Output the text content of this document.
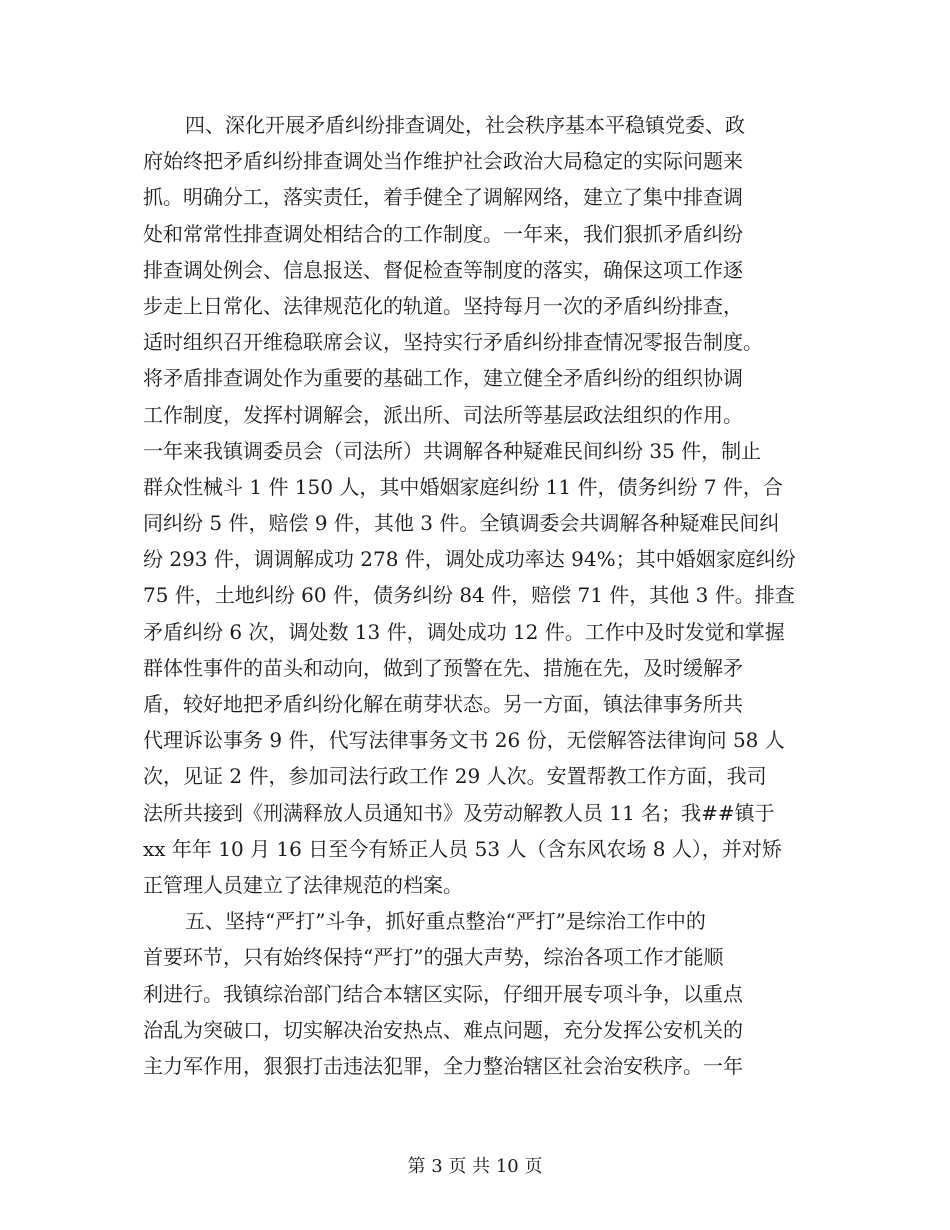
四、深化开展矛盾纠纷排查调处，社会秩序基本平稳镇党委、政

府始终把矛盾纠纷排查调处当作维护社会政治大局稳定的实际问题来

抓。明确分工，落实责任，着手健全了调解网络，建立了集中排查调

处和常常性排查调处相结合的工作制度。一年来，我们狠抓矛盾纠纷

排查调处例会、信息报送、督促检查等制度的落实，确保这项工作逐

步走上日常化、法律规范化的轨道。坚持每月一次的矛盾纠纷排查，

适时组织召开维稳联席会议，坚持实行矛盾纠纷排查情况零报告制度。

将矛盾排查调处作为重要的基础工作，建立健全矛盾纠纷的组织协调

工作制度，发挥村调解会，派出所、司法所等基层政法组织的作用。

一年来我镇调委员会（司法所）共调解各种疑难民间纠纷 35 件，制止

群众性械斗 1 件 150 人，其中婚姻家庭纠纷 11 件，债务纠纷 7 件，合

同纠纷 5 件，赔偿 9 件，其他 3 件。全镇调委会共调解各种疑难民间纠

纷 293 件，调调解成功 278 件，调处成功率达 94%；其中婚姻家庭纠纷

75 件，土地纠纷 60 件，债务纠纷 84 件，赔偿 71 件，其他 3 件。排查

矛盾纠纷 6 次，调处数 13 件，调处成功 12 件。工作中及时发觉和掌握

群体性事件的苗头和动向，做到了预警在先、措施在先，及时缓解矛

盾，较好地把矛盾纠纷化解在萌芽状态。另一方面，镇法律事务所共

代理诉讼事务 9 件，代写法律事务文书 26 份，无偿解答法律询问 58 人

次，见证 2 件，参加司法行政工作 29 人次。安置帮教工作方面，我司

法所共接到《刑满释放人员通知书》及劳动解教人员 11 名；我##镇于

xx 年年 10 月 16 日至今有矫正人员 53 人（含东风农场 8 人），并对矫

正管理人员建立了法律规范的档案。

五、坚持“严打”斗争，抓好重点整治“严打”是综治工作中的

首要环节，只有始终保持“严打”的强大声势，综治各项工作才能顺

利进行。我镇综治部门结合本辖区实际，仔细开展专项斗争，以重点

治乱为突破口，切实解决治安热点、难点问题，充分发挥公安机关的

主力军作用，狠狠打击违法犯罪，全力整治辖区社会治安秩序。一年

第 3 页 共 10 页
